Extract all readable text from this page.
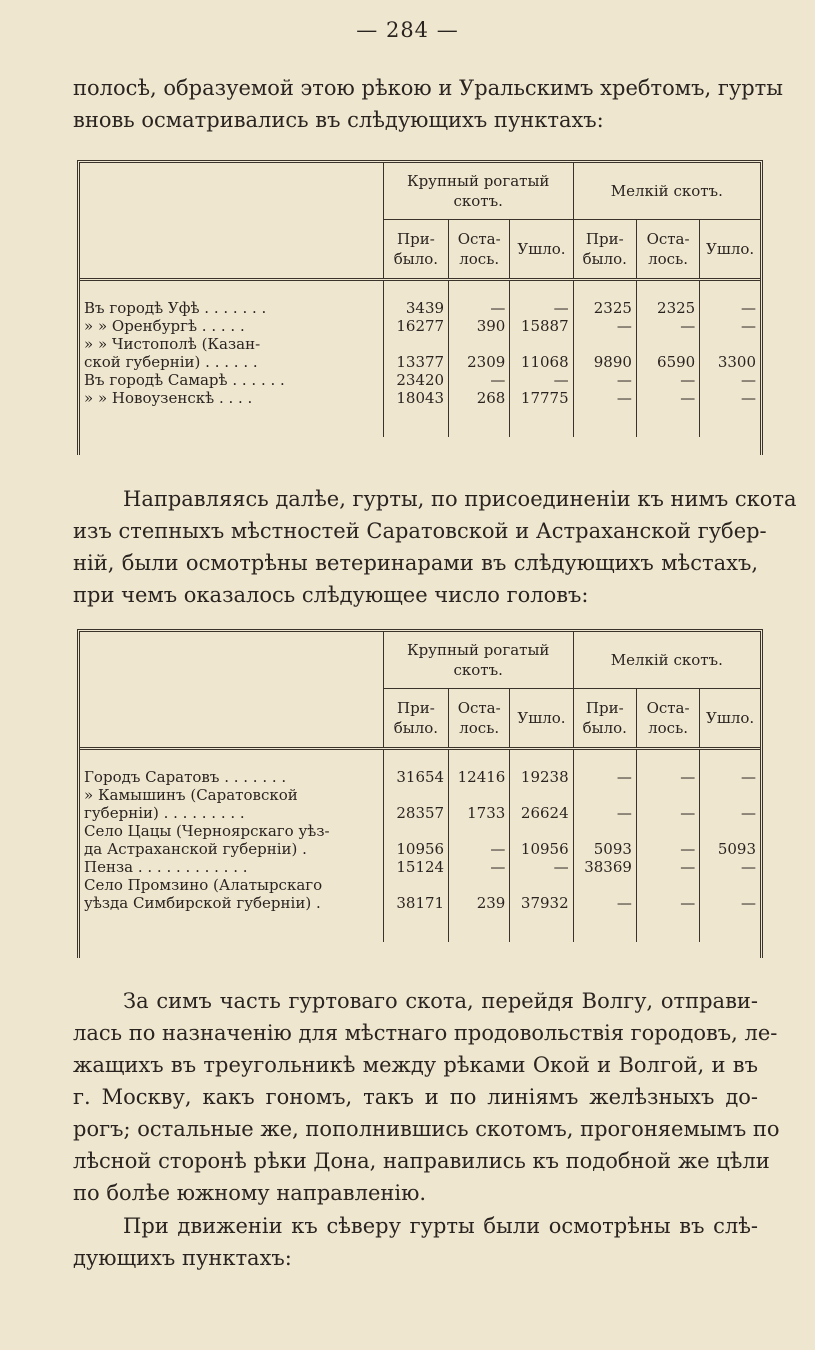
— 284 —
полосѣ, образуемой этою рѣкою и Уральскимъ хребтомъ, гурты
вновь осматривались въ слѣдующихъ пунктахъ:
	Крупный рогатый скотъ.			Мелкій скотъ.		
	При-было.	Оста-лось.	Ушло.	При-было.	Оста-лось.	Ушло.

Въ городѣ Уфѣ . . . . . . .	3439	—	—	2325	2325	—
» » Оренбургѣ . . . . .	16277	390	15887	—	—	—
» » Чистополѣ (Казан-						
ской губерніи) . . . . . .	13377	2309	11068	9890	6590	3300
Въ городѣ Самарѣ . . . . . .	23420	—	—	—	—	—
» » Новоузенскѣ . . . .	18043	268	17775	—	—	—

Направляясь далѣе, гурты, по присоединеніи къ нимъ скота
изъ степныхъ мѣстностей Саратовской и Астраханской губер-
ній, были осмотрѣны ветеринарами въ слѣдующихъ мѣстахъ,
при чемъ оказалось слѣдующее число головъ:
	Крупный рогатый скотъ.			Мелкій скотъ.		
	При-было.	Оста-лось.	Ушло.	При-было.	Оста-лось.	Ушло.

Городъ Саратовъ . . . . . . .	31654	12416	19238	—	—	—
» Камышинъ (Саратовской						
губерніи) . . . . . . . . .	28357	1733	26624	—	—	—
Село Цацы (Черноярскаго уѣз-						
да Астраханской губерніи) .	10956	—	10956	5093	—	5093
Пенза . . . . . . . . . . . .	15124	—	—	38369	—	—
Село Промзино (Алатырскаго						
уѣзда Симбирской губерніи) .	38171	239	37932	—	—	—

За симъ часть гуртоваго скота, перейдя Волгу, отправи-
лась по назначенію для мѣстнаго продовольствія городовъ, ле-
жащихъ въ треугольникѣ между рѣками Окой и Волгой, и въ
г. Москву, какъ гономъ, такъ и по линіямъ желѣзныхъ до-
рогъ; остальные же, пополнившись скотомъ, прогоняемымъ по
лѣсной сторонѣ рѣки Дона, направились къ подобной же цѣли
по болѣе южному направленію.
При движеніи къ сѣверу гурты были осмотрѣны въ слѣ-
дующихъ пунктахъ:
